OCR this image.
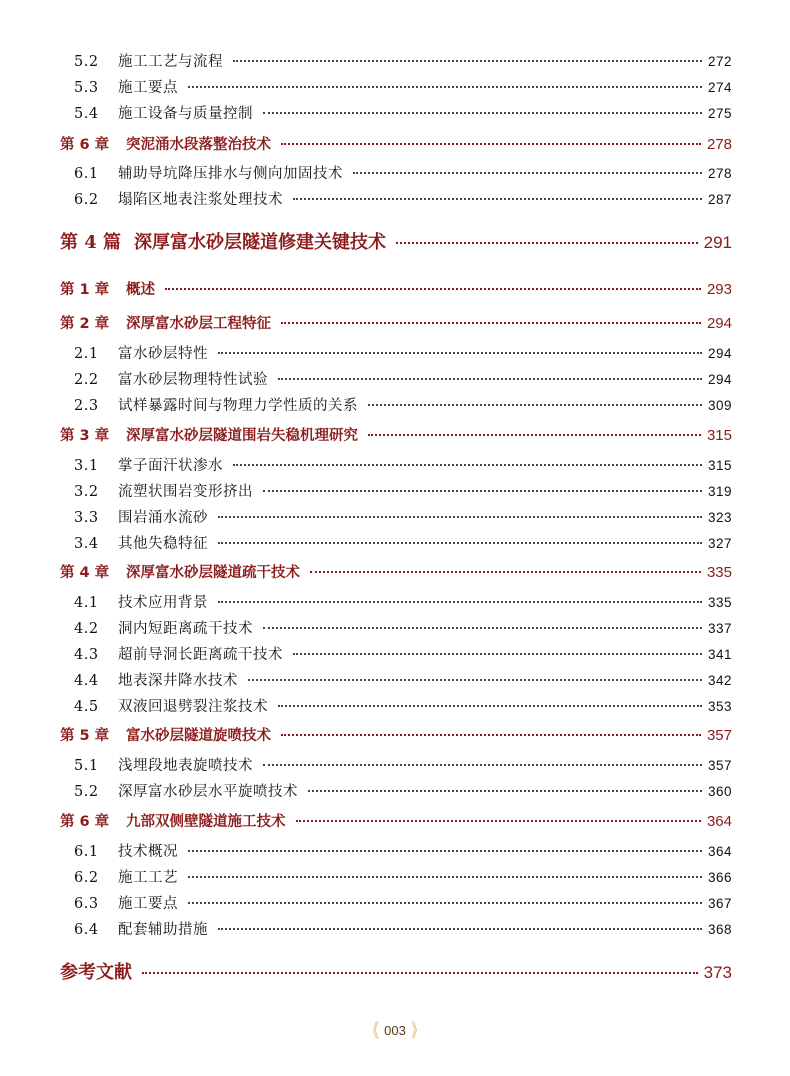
5.2	施工工艺与流程	272
5.3	施工要点	274
5.4	施工设备与质量控制	275
第 6 章	突泥涌水段落整治技术	278
6.1	辅助导坑降压排水与侧向加固技术	278
6.2	塌陷区地表注浆处理技术	287
第 4 篇 深厚富水砂层隧道修建关键技术	291
第 1 章	概述	293
第 2 章	深厚富水砂层工程特征	294
2.1	富水砂层特性	294
2.2	富水砂层物理特性试验	294
2.3	试样暴露时间与物理力学性质的关系	309
第 3 章	深厚富水砂层隧道围岩失稳机理研究	315
3.1	掌子面汗状渗水	315
3.2	流塑状围岩变形挤出	319
3.3	围岩涌水流砂	323
3.4	其他失稳特征	327
第 4 章	深厚富水砂层隧道疏干技术	335
4.1	技术应用背景	335
4.2	洞内短距离疏干技术	337
4.3	超前导洞长距离疏干技术	341
4.4	地表深井降水技术	342
4.5	双液回退劈裂注浆技术	353
第 5 章	富水砂层隧道旋喷技术	357
5.1	浅埋段地表旋喷技术	357
5.2	深厚富水砂层水平旋喷技术	360
第 6 章	九部双侧壁隧道施工技术	364
6.1	技术概况	364
6.2	施工工艺	366
6.3	施工要点	367
6.4	配套辅助措施	368
参考文献	373
《 003 》
